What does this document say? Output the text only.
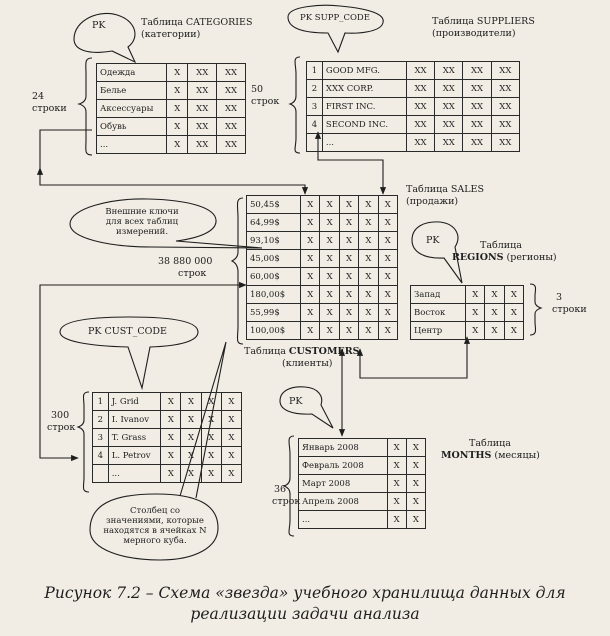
PK	Таблица CATEGORIES
(категории)
24
строки
50
строк
Одежда	X	XX	XX
Белье	X	XX	XX
Аксессуары	X	XX	XX
Обувь	X	XX	XX
...	X	XX	XX
PK SUPP_CODE	Таблица SUPPLIERS
(производители)
1	GOOD MFG.	XX	XX	XX	XX
2	XXX CORP.	XX	XX	XX	XX
3	FIRST INC.	XX	XX	XX	XX
4	SECOND INC.	XX	XX	XX	XX
	...	XX	XX	XX	XX
Таблица SALES
(продажи)
38 880 000
строк
Внешние ключи
для всех таблиц
измерений.
50,45$	X	X	X	X	X
64,99$	X	X	X	X	X
93,10$	X	X	X	X	X
45,00$	X	X	X	X	X
60,00$	X	X	X	X	X
180,00$	X	X	X	X	X
55,99$	X	X	X	X	X
100,00$	X	X	X	X	X
PK	Таблица
REGIONS (регионы)
3
строки
Запад	X	X	X
Восток	X	X	X
Центр	X	X	X
PK CUST_CODE
Таблица CUSTOMERS
(клиенты)
300
строк
1	J. Grid	X	X	X	X
2	I. Ivanov	X	X	X	X
3	T. Grass	X	X	X	X
4	L. Petrov	X	X	X	X
	...	X	X	X	X
PK
Таблица
MONTHS (месяцы)
36
строк
Январь 2008	X	X
Февраль 2008	X	X
Март 2008	X	X
Апрель 2008	X	X
...	X	X
Столбец со
значениями, которые
находятся в ячейках N
мерного куба.
Рисунок 7.2 – Схема «звезда» учебного хранилища данных для
реализации задачи анализа
